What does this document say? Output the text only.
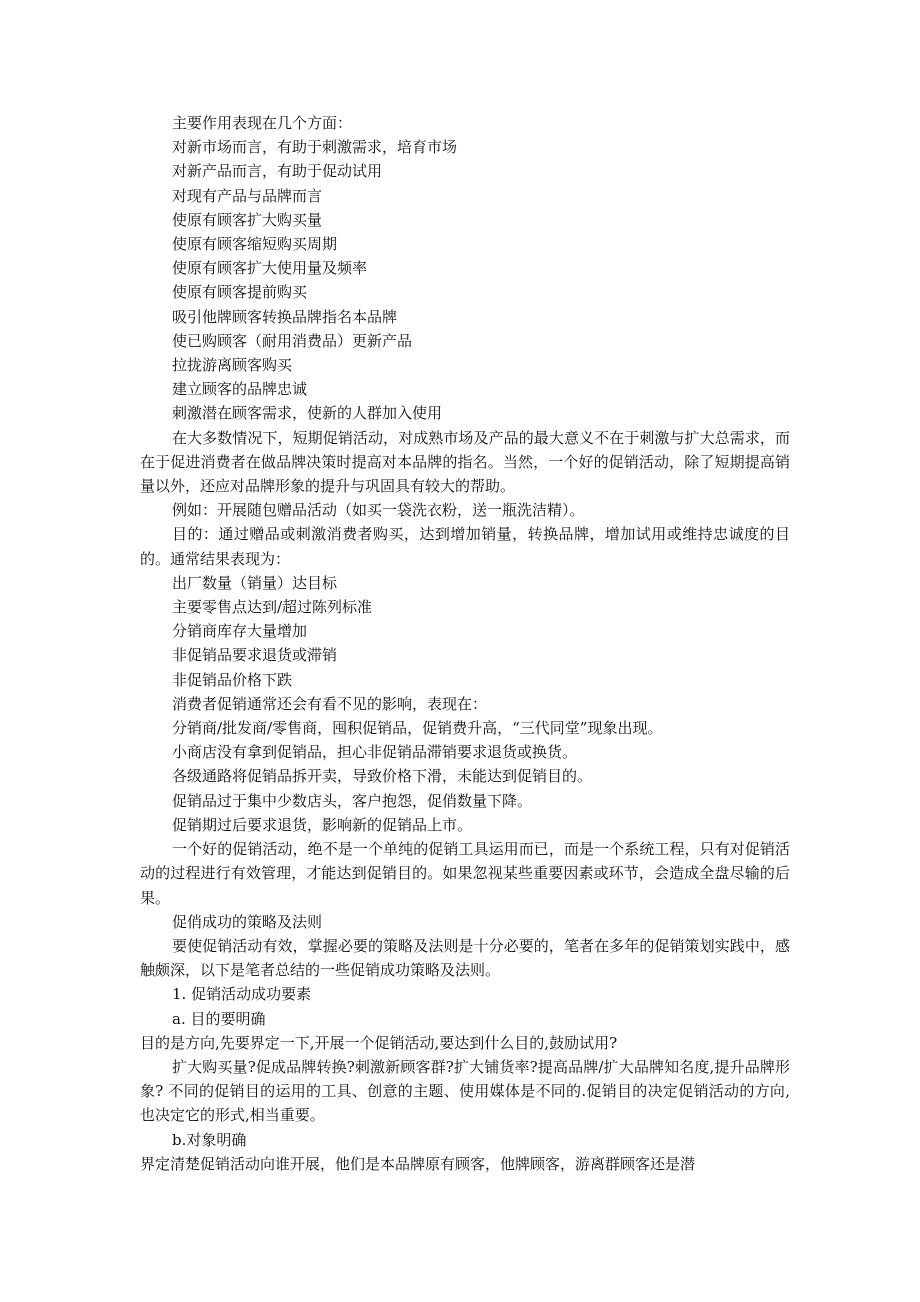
主要作用表现在几个方面：

对新市场而言，有助于刺激需求，培育市场

对新产品而言，有助于促动试用

对现有产品与品牌而言

使原有顾客扩大购买量

使原有顾客缩短购买周期

使原有顾客扩大使用量及频率

使原有顾客提前购买

吸引他牌顾客转换品牌指名本品牌

使已购顾客（耐用消费品）更新产品

拉拢游离顾客购买

建立顾客的品牌忠诚

刺激潜在顾客需求，使新的人群加入使用

在大多数情况下，短期促销活动，对成熟市场及产品的最大意义不在于刺激与扩大总需求，而在于促进消费者在做品牌决策时提高对本品牌的指名。当然，一个好的促销活动，除了短期提高销量以外，还应对品牌形象的提升与巩固具有较大的帮助。

例如：开展随包赠品活动（如买一袋洗衣粉，送一瓶洗洁精）。

目的：通过赠品或刺激消费者购买，达到增加销量，转换品牌，增加试用或维持忠诚度的目的。通常结果表现为：

出厂数量（销量）达目标

主要零售点达到/超过陈列标准

分销商库存大量增加

非促销品要求退货或滞销

非促销品价格下跌

消费者促销通常还会有看不见的影响，表现在：

分销商/批发商/零售商，囤积促销品，促销费升高，“三代同堂”现象出现。

小商店没有拿到促销品，担心非促销品滞销要求退货或换货。

各级通路将促销品拆开卖，导致价格下滑，未能达到促销目的。

促销品过于集中少数店头，客户抱怨，促俏数量下降。

促销期过后要求退货，影响新的促销品上市。

一个好的促销活动，绝不是一个单纯的促销工具运用而已，而是一个系统工程，只有对促销活动的过程进行有效管理，才能达到促销目的。如果忽视某些重要因素或环节，会造成全盘尽输的后果。

促俏成功的策略及法则

要使促销活动有效，掌握必要的策略及法则是十分必要的，笔者在多年的促销策划实践中，感触颇深，以下是笔者总结的一些促销成功策略及法则。

1. 促销活动成功要素

a. 目的要明确

目的是方向,先要界定一下,开展一个促销活动,要达到什么目的,鼓励试用?

扩大购买量?促成品牌转换?刺激新顾客群?扩大铺货率?提高品牌/扩大品牌知名度,提升品牌形象? 不同的促销目的运用的工具、创意的主题、使用媒体是不同的.促销目的决定促销活动的方向,也决定它的形式,相当重要。

b.对象明确

界定清楚促销活动向谁开展，他们是本品牌原有顾客，他牌顾客，游离群顾客还是潜
